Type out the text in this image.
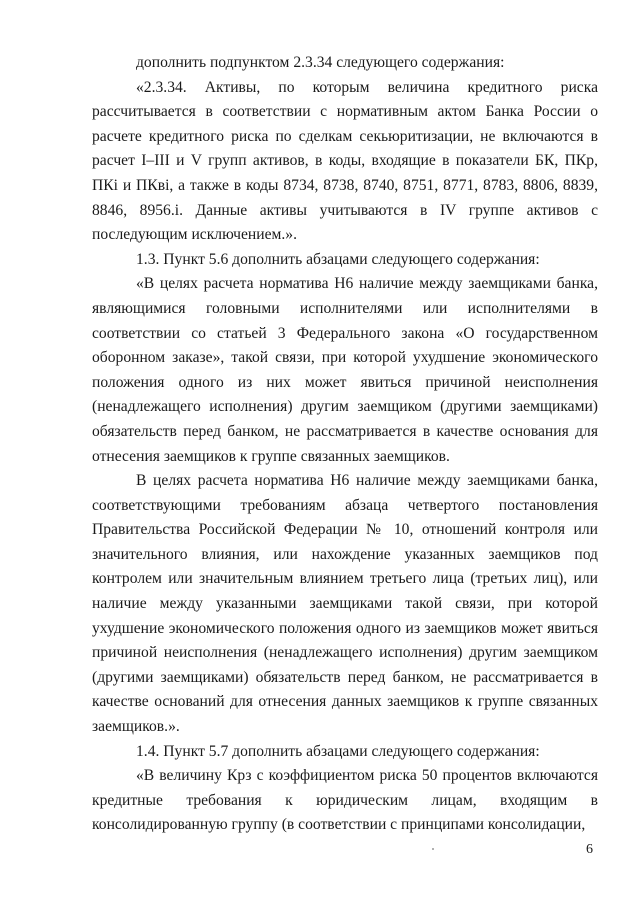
дополнить подпунктом 2.3.34 следующего содержания:

«2.3.34. Активы, по которым величина кредитного риска рассчитывается в соответствии с нормативным актом Банка России о расчете кредитного риска по сделкам секьюритизации, не включаются в расчет I–III и V групп активов, в коды, входящие в показатели БК, ПКр, ПКі и ПКві, а также в коды 8734, 8738, 8740, 8751, 8771, 8783, 8806, 8839, 8846, 8956.і. Данные активы учитываются в IV группе активов с последующим исключением.».

1.3. Пункт 5.6 дополнить абзацами следующего содержания:

«В целях расчета норматива Н6 наличие между заемщиками банка, являющимися головными исполнителями или исполнителями в соответствии со статьей 3 Федерального закона «О государственном оборонном заказе», такой связи, при которой ухудшение экономического положения одного из них может явиться причиной неисполнения (ненадлежащего исполнения) другим заемщиком (другими заемщиками) обязательств перед банком, не рассматривается в качестве основания для отнесения заемщиков к группе связанных заемщиков.

В целях расчета норматива Н6 наличие между заемщиками банка, соответствующими требованиям абзаца четвертого постановления Правительства Российской Федерации № 10, отношений контроля или значительного влияния, или нахождение указанных заемщиков под контролем или значительным влиянием третьего лица (третьих лиц), или наличие между указанными заемщиками такой связи, при которой ухудшение экономического положения одного из заемщиков может явиться причиной неисполнения (ненадлежащего исполнения) другим заемщиком (другими заемщиками) обязательств перед банком, не рассматривается в качестве оснований для отнесения данных заемщиков к группе связанных заемщиков.».

1.4. Пункт 5.7 дополнить абзацами следующего содержания:

«В величину Крз с коэффициентом риска 50 процентов включаются кредитные требования к юридическим лицам, входящим в консолидированную группу (в соответствии с принципами консолидации,

6
